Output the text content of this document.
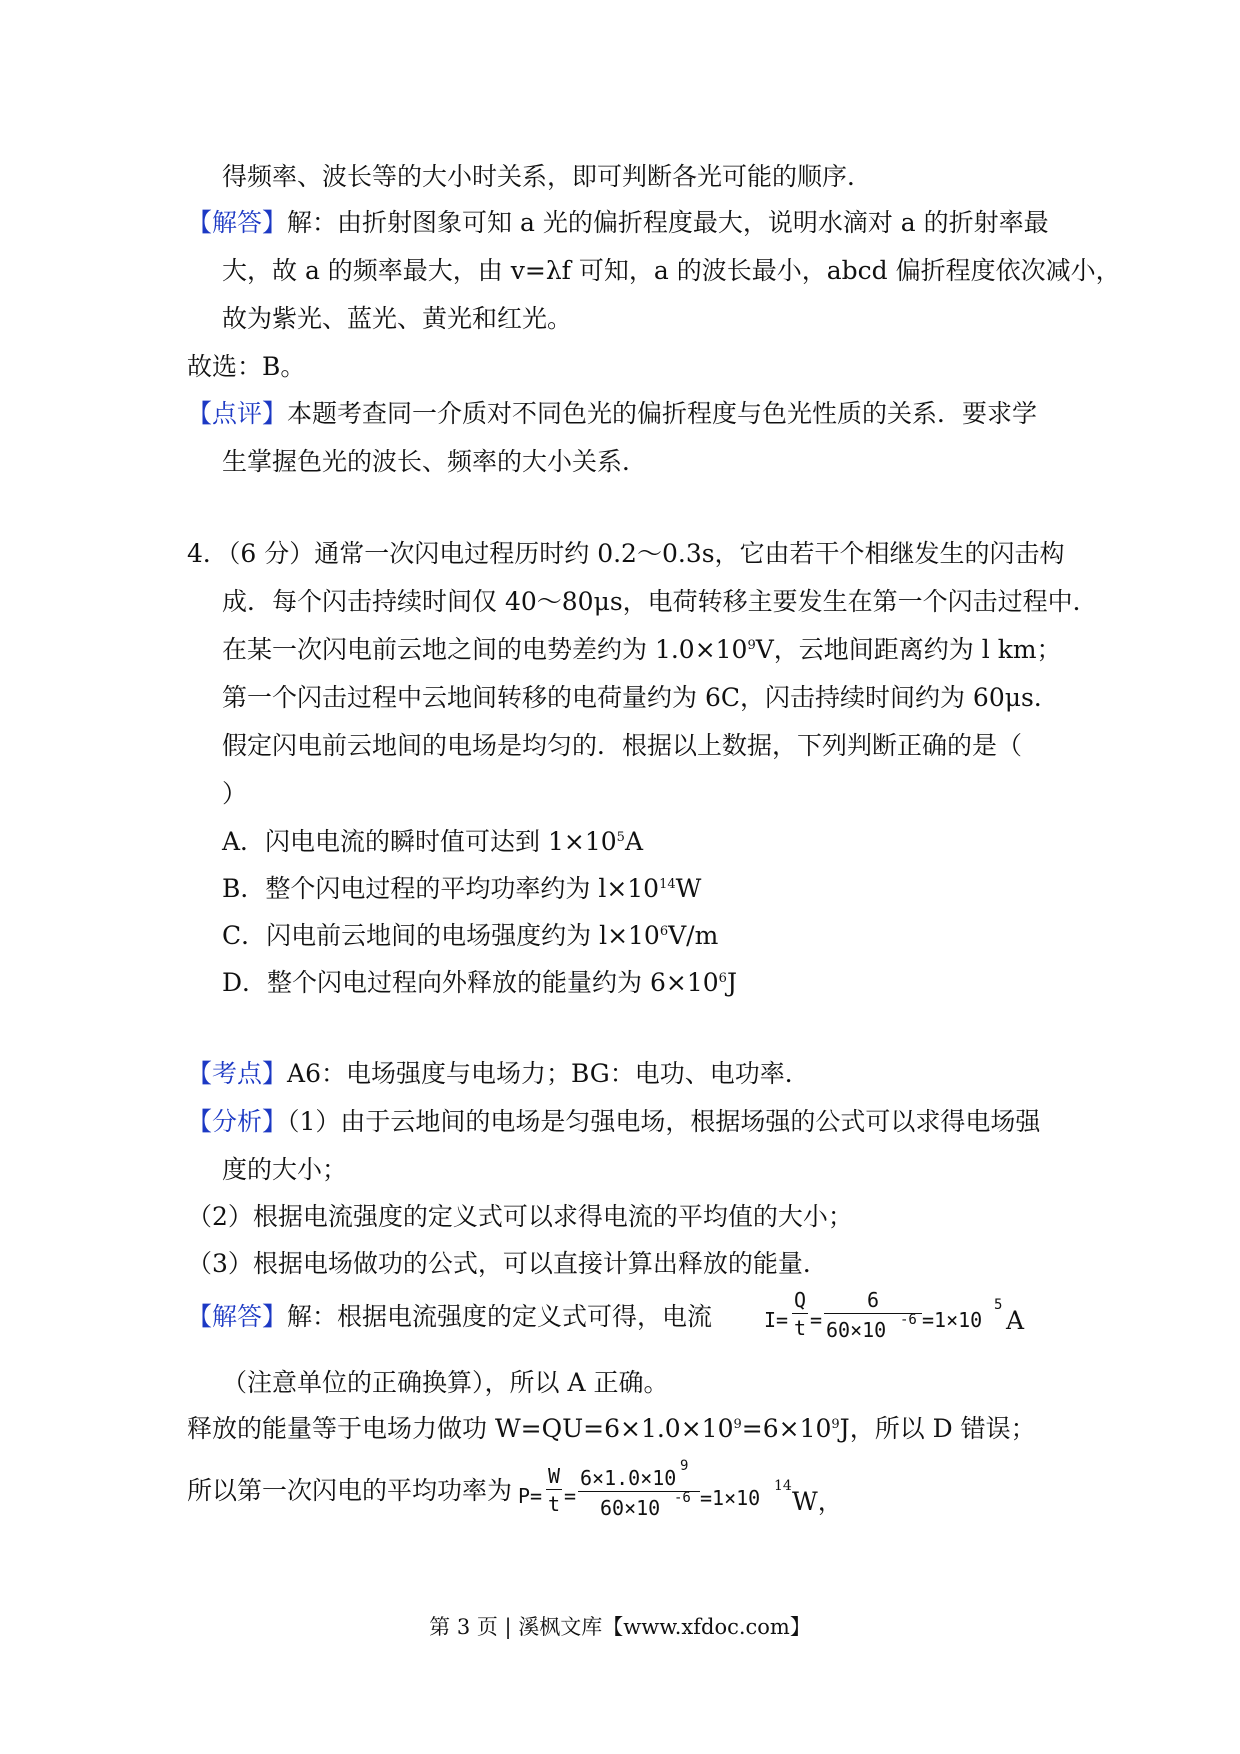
得频率、波长等的大小时关系，即可判断各光可能的顺序．
【解答】解：由折射图象可知 a 光的偏折程度最大，说明水滴对 a 的折射率最
大，故 a 的频率最大，由 v=λf 可知，a 的波长最小，abcd 偏折程度依次减小，
故为紫光、蓝光、黄光和红光。
故选：B。
【点评】本题考查同一介质对不同色光的偏折程度与色光性质的关系．要求学
生掌握色光的波长、频率的大小关系．
4．（6 分）通常一次闪电过程历时约 0.2～0.3s，它由若干个相继发生的闪击构
成．每个闪击持续时间仅 40～80μs，电荷转移主要发生在第一个闪击过程中．
在某一次闪电前云地之间的电势差约为 $1.0\times 10^9V$，云地间距离约为 l km；
第一个闪击过程中云地间转移的电荷量约为 6C，闪击持续时间约为 60μs．
假定闪电前云地间的电场是均匀的．根据以上数据，下列判断正确的是（
）
A．闪电电流的瞬时值可达到 $1\times 10^5A$
B．整个闪电过程的平均功率约为 $l\times 10^{14}W$
C．闪电前云地间的电场强度约为 $l\times 10^6V/m$
D．整个闪电过程向外释放的能量约为 $6\times 10^6J$
【考点】A6：电场强度与电场力；BG：电功、电功率．
【分析】（1）由于云地间的电场是匀强电场，根据场强的公式可以求得电场强
度的大小；
（2）根据电流强度的定义式可以求得电流的平均值的大小；
（3）根据电场做功的公式，可以直接计算出释放的能量．
【解答】解：根据电流强度的定义式可得，电流	I=
Q
t =
6
60×10 -6 =1×10
5
A
（注意单位的正确换算），所以 A 正确。
释放的能量等于电场力做功 $W=QU=6\times 1.0\times 10^9=6\times 10^9J$，所以 D 错误；
所以第一次闪电的平均功率为 P=
W
t =
6×1.0×10 9
60×10 -6 =1×10 14
W，
第 3 页 | 溪枫文库【www.xfdoc.com】
